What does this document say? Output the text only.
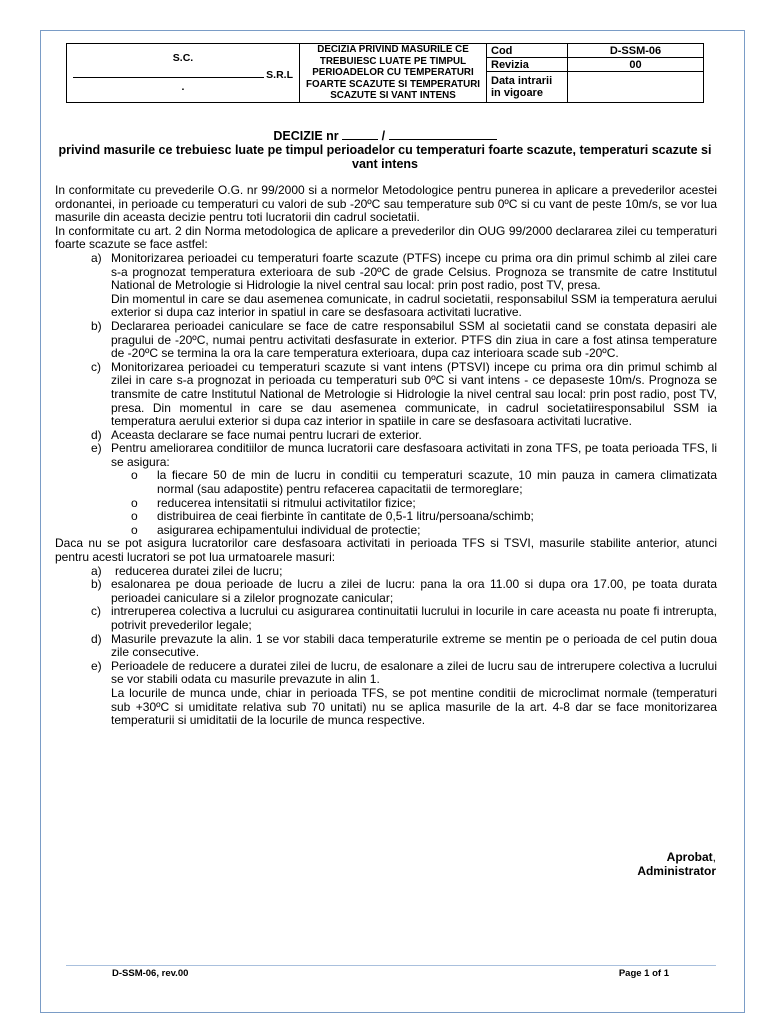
S.C.
S.R.L
.	DECIZIA PRIVIND MASURILE CE TREBUIESC LUATE PE TIMPUL PERIOADELOR CU TEMPERATURI FOARTE SCAZUTE SI TEMPERATURI SCAZUTE SI VANT INTENS	Cod	D-SSM-06
		Revizia	00
		Data intrarii in vigoare	
DECIZIE nr	/
privind masurile ce trebuiesc luate pe timpul perioadelor cu temperaturi foarte scazute, temperaturi scazute si vant intens

In conformitate cu prevederile O.G. nr 99/2000 si a normelor Metodologice pentru punerea in aplicare a prevederilor acestei ordonantei, in perioade cu temperaturi cu valori de sub -20ºC sau temperature sub 0ºC si cu vant de peste 10m/s, se vor lua masurile din aceasta decizie pentru toti lucratorii din cadrul societatii.

In conformitate cu art. 2 din Norma metodologica de aplicare a prevederilor din OUG 99/2000 declararea zilei cu temperaturi foarte scazute se face astfel:

a) Monitorizarea perioadei cu temperaturi foarte scazute (PTFS) incepe cu prima ora din primul schimb al zilei care s-a prognozat temperatura exterioara de sub -20ºC de grade Celsius. Prognoza se transmite de catre Institutul National de Metrologie si Hidrologie la nivel central sau local: prin post radio, post TV, presa.
Din momentul in care se dau asemenea comunicate, in cadrul societatii, responsabilul SSM ia temperatura aerului exterior si dupa caz interior in spatiul in care se desfasoara activitati lucrative.
b) Declararea perioadei caniculare se face de catre responsabilul SSM al societatii cand se constata depasiri ale pragului de -20ºC, numai pentru activitati desfasurate in exterior. PTFS din ziua in care a fost atinsa temperature de -20ºC se termina la ora la care temperatura exterioara, dupa caz interioara scade sub -20ºC.
c) Monitorizarea perioadei cu temperaturi scazute si vant intens (PTSVI) incepe cu prima ora din primul schimb al zilei in care s-a prognozat in perioada cu temperaturi sub 0ºC si vant intens - ce depaseste 10m/s. Prognoza se transmite de catre Institutul National de Metrologie si Hidrologie la nivel central sau local: prin post radio, post TV, presa. Din momentul in care se dau asemenea communicate, in cadrul societatiiresponsabilul SSM ia temperatura aerului exterior si dupa caz interior in spatiile in care se desfasoara activitati lucrative.
d) Aceasta declarare se face numai pentru lucrari de exterior.
e) Pentru ameliorarea conditiilor de munca lucratorii care desfasoara activitati in zona TFS, pe toata perioada TFS, li se asigura:
o la fiecare 50 de min de lucru in conditii cu temperaturi scazute, 10 min pauza in camera climatizata normal (sau adapostite) pentru refacerea capacitatii de termoreglare;
o reducerea intensitatii si ritmului activitatilor fizice;
o distribuirea de ceai fierbinte în cantitate de 0,5-1 litru/persoana/schimb;
o asigurarea echipamentului individual de protectie;

Daca nu se pot asigura lucratorilor care desfasoara activitati in perioada TFS si TSVI, masurile stabilite anterior, atunci pentru acesti lucratori se pot lua urmatoarele masuri:

a)	reducerea duratei zilei de lucru;
b) esalonarea pe doua perioade de lucru a zilei de lucru: pana la ora 11.00 si dupa ora 17.00, pe toata durata perioadei caniculare si a zilelor prognozate canicular;
c) intreruperea colectiva a lucrului cu asigurarea continuitatii lucrului in locurile in care aceasta nu poate fi intrerupta, potrivit prevederilor legale;
d) Masurile prevazute la alin. 1 se vor stabili daca temperaturile extreme se mentin pe o perioada de cel putin doua zile consecutive.
e) Perioadele de reducere a duratei zilei de lucru, de esalonare a zilei de lucru sau de intrerupere colectiva a lucrului se vor stabili odata cu masurile prevazute in alin 1.
La locurile de munca unde, chiar in perioada TFS, se pot mentine conditii de microclimat normale (temperaturi sub +30ºC si umiditate relativa sub 70 unitati) nu se aplica masurile de la art. 4-8 dar se face monitorizarea temperaturii si umiditatii de la locurile de munca respective.
Aprobat,
Administrator
D-SSM-06, rev.00	Page 1 of 1
